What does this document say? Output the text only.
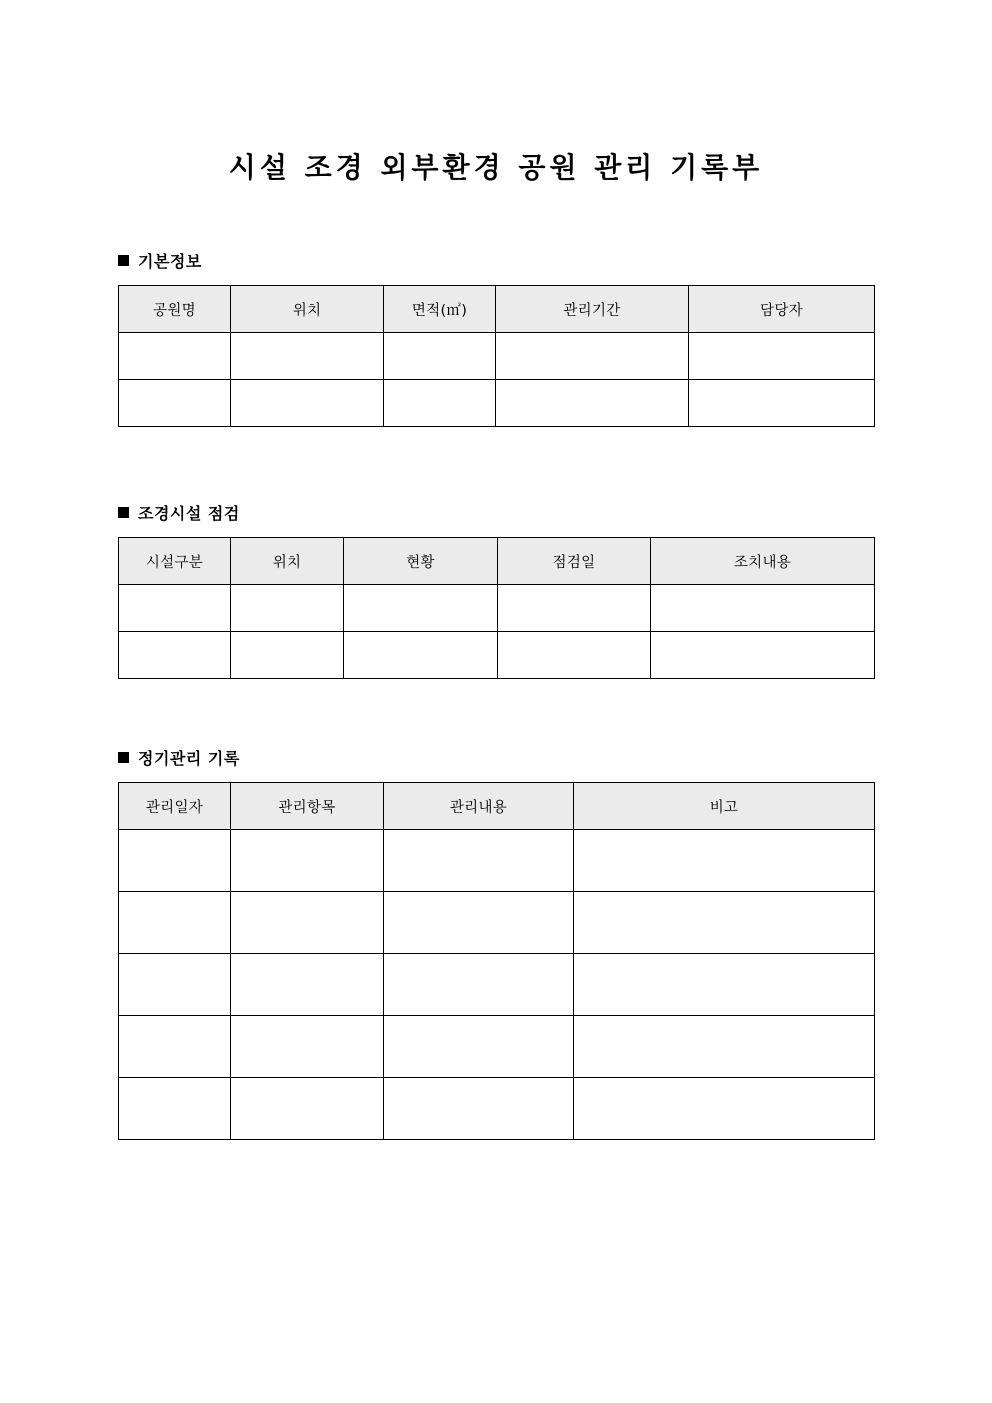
시설 조경 외부환경 공원 관리 기록부
기본정보
공원명	위치	면적(㎡)	관리기간	담당자

조경시설 점검
시설구분	위치	현황	점검일	조치내용

정기관리 기록
관리일자	관리항목	관리내용	비고
